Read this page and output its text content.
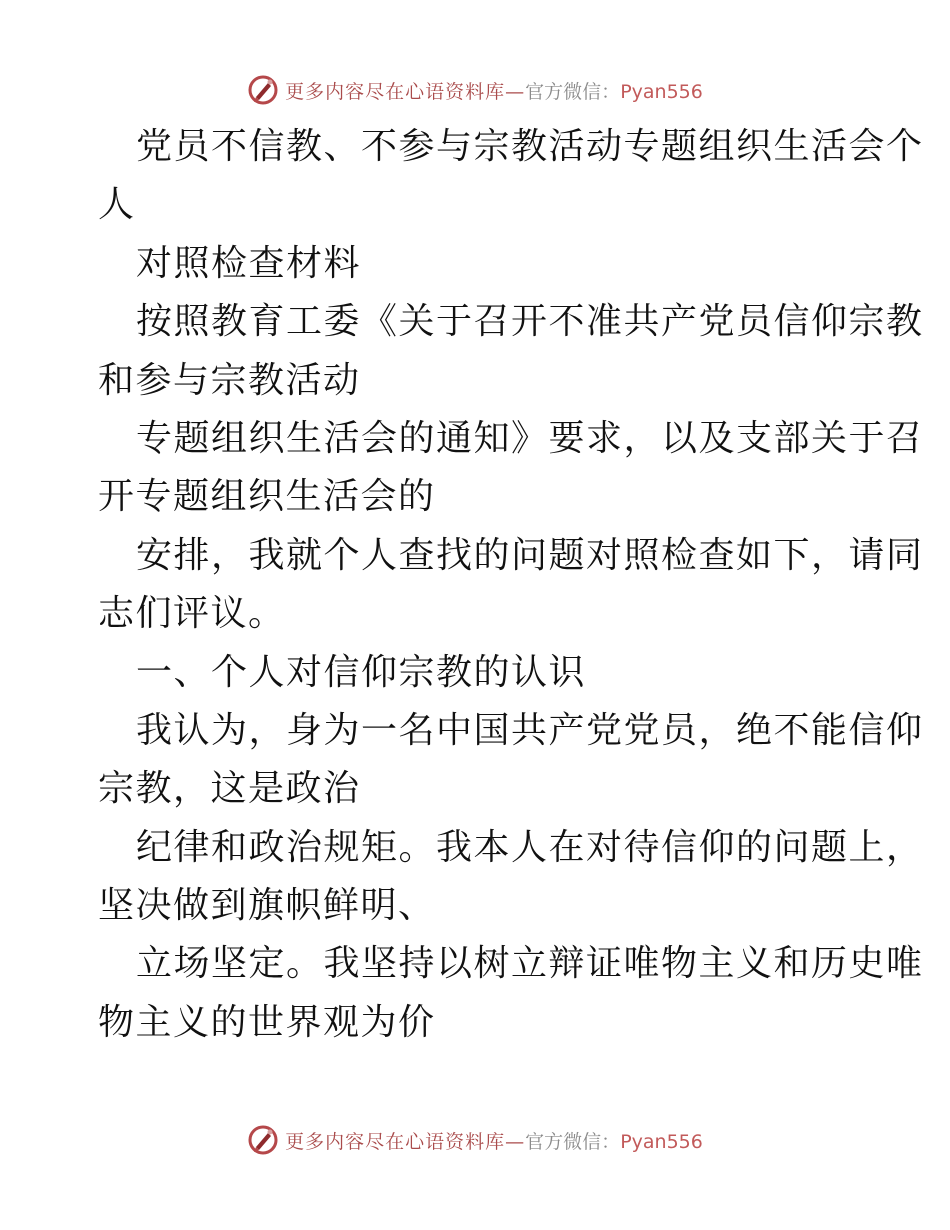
更多内容尽在心语资料库—官方微信：Pyan556
党员不信教、不参与宗教活动专题组织生活会个
人
对照检查材料
按照教育工委《关于召开不准共产党员信仰宗教
和参与宗教活动
专题组织生活会的通知》要求，以及支部关于召
开专题组织生活会的
安排，我就个人查找的问题对照检查如下，请同
志们评议。
一、个人对信仰宗教的认识
我认为，身为一名中国共产党党员，绝不能信仰
宗教，这是政治
纪律和政治规矩。我本人在对待信仰的问题上，
坚决做到旗帜鲜明、
立场坚定。我坚持以树立辩证唯物主义和历史唯
物主义的世界观为价
更多内容尽在心语资料库—官方微信：Pyan556
